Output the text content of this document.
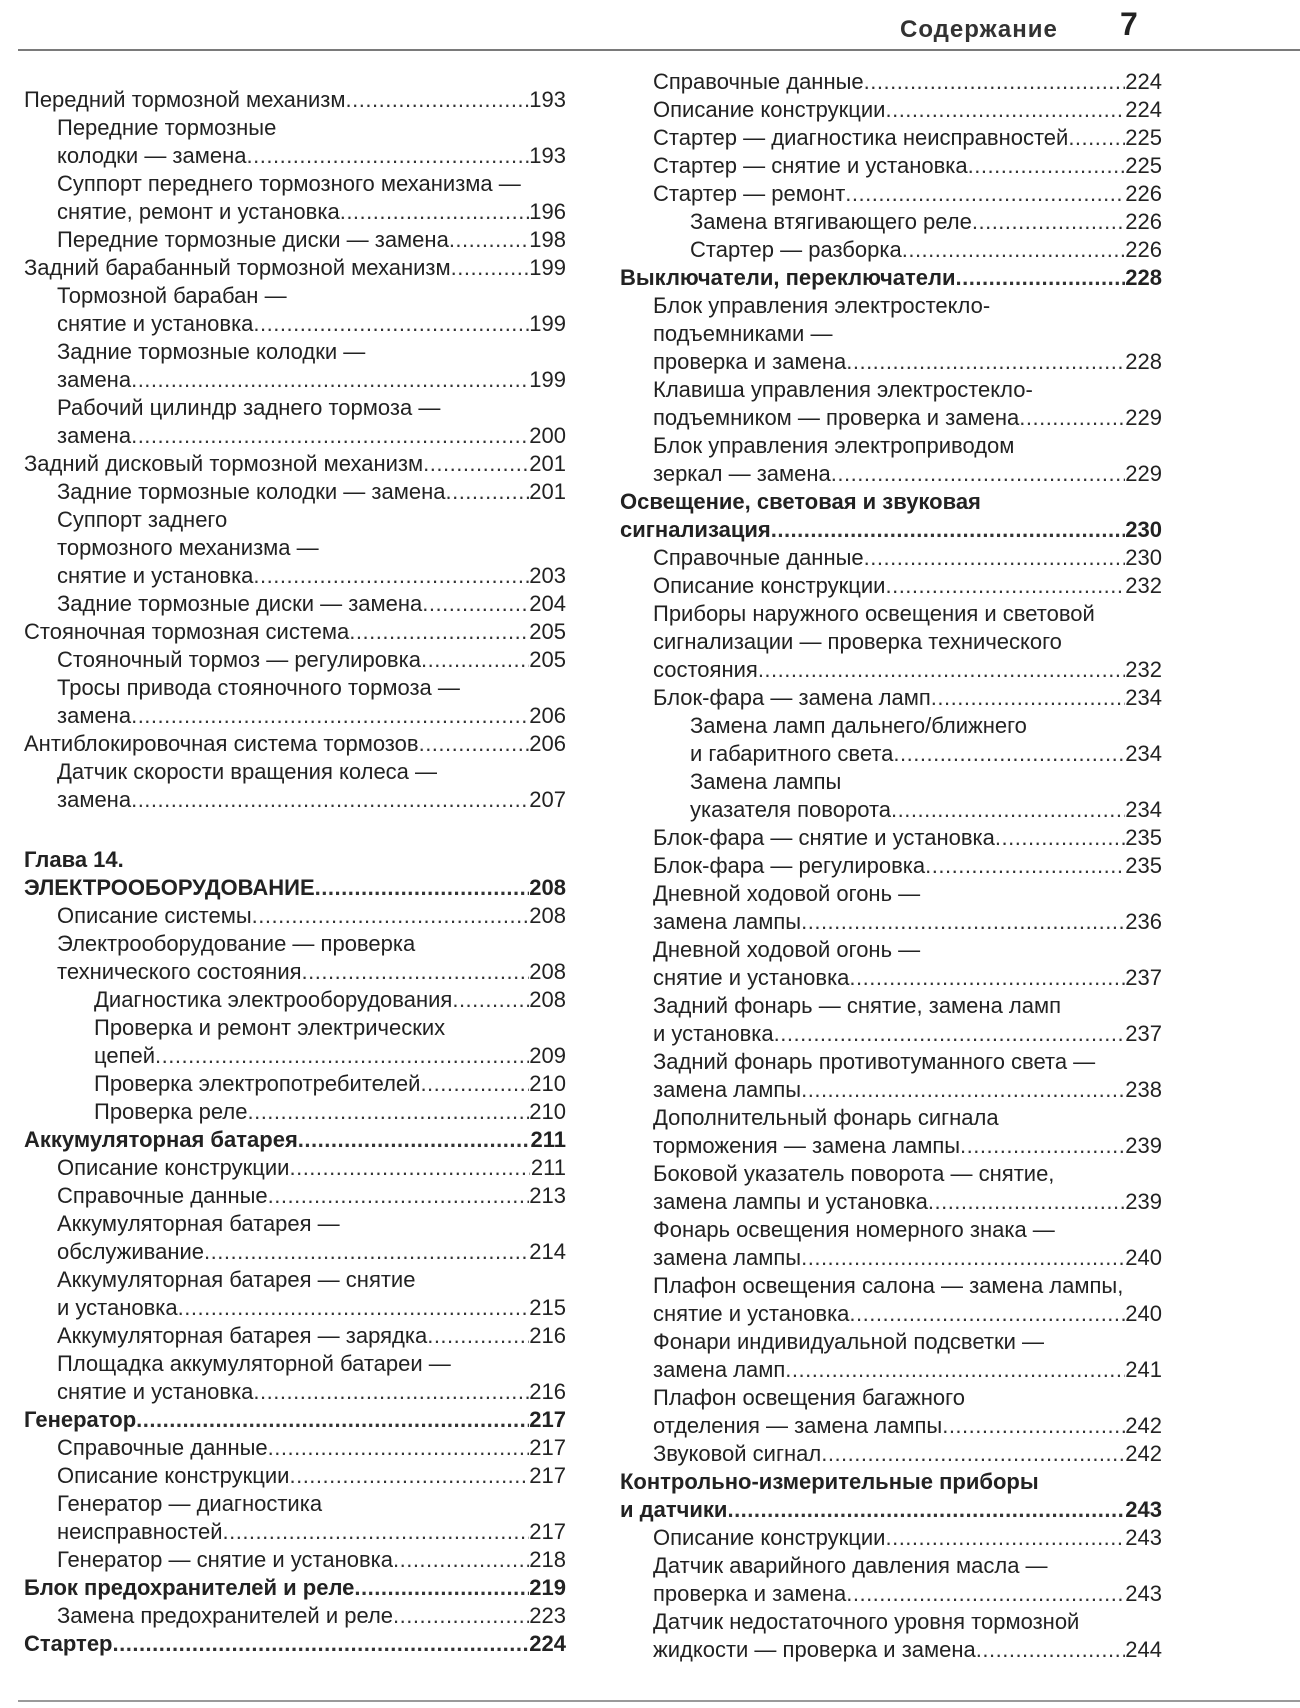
Содержание 7
Передний тормозной механизм .....	193
Передние тормозные
колодки — замена .....	193
Суппорт переднего тормозного механизма —
снятие, ремонт и установка .....	196
Передние тормозные диски — замена .....	198
Задний барабанный тормозной механизм .....	199
Тормозной барабан —
снятие и установка .....	199
Задние тормозные колодки —
замена .....	199
Рабочий цилиндр заднего тормоза —
замена .....	200
Задний дисковый тормозной механизм .....	201
Задние тормозные колодки — замена .....	201
Суппорт заднего
тормозного механизма —
снятие и установка .....	203
Задние тормозные диски — замена .....	204
Стояночная тормозная система .....	205
Стояночный тормоз — регулировка .....	205
Тросы привода стояночного тормоза —
замена .....	206
Антиблокировочная система тормозов .....	206
Датчик скорости вращения колеса —
замена .....	207
Глава 14.
ЭЛЕКТРООБОРУДОВАНИЕ .....	208
Описание системы .....	208
Электрооборудование — проверка
технического состояния .....	208
Диагностика электрооборудования .....	208
Проверка и ремонт электрических
цепей .....	209
Проверка электропотребителей .....	210
Проверка реле .....	210
Аккумуляторная батарея .....	211
Описание конструкции .....	211
Справочные данные .....	213
Аккумуляторная батарея —
обслуживание .....	214
Аккумуляторная батарея — снятие
и установка .....	215
Аккумуляторная батарея — зарядка .....	216
Площадка аккумуляторной батареи —
снятие и установка .....	216
Генератор .....	217
Справочные данные .....	217
Описание конструкции .....	217
Генератор — диагностика
неисправностей .....	217
Генератор — снятие и установка .....	218
Блок предохранителей и реле .....	219
Замена предохранителей и реле .....	223
Стартер .....	224
Справочные данные .....	224
Описание конструкции .....	224
Стартер — диагностика неисправностей .....	225
Стартер — снятие и установка .....	225
Стартер — ремонт .....	226
Замена втягивающего реле .....	226
Стартер — разборка .....	226
Выключатели, переключатели .....	228
Блок управления электростекло-
подъемниками —
проверка и замена .....	228
Клавиша управления электростекло-
подъемником — проверка и замена .....	229
Блок управления электроприводом
зеркал — замена .....	229
Освещение, световая и звуковая
сигнализация .....	230
Справочные данные .....	230
Описание конструкции .....	232
Приборы наружного освещения и световой
сигнализации — проверка технического
состояния .....	232
Блок-фара — замена ламп .....	234
Замена ламп дальнего/ближнего
и габаритного света .....	234
Замена лампы
указателя поворота .....	234
Блок-фара — снятие и установка .....	235
Блок-фара — регулировка .....	235
Дневной ходовой огонь —
замена лампы .....	236
Дневной ходовой огонь —
снятие и установка .....	237
Задний фонарь — снятие, замена ламп
и установка .....	237
Задний фонарь противотуманного света —
замена лампы .....	238
Дополнительный фонарь сигнала
торможения — замена лампы .....	239
Боковой указатель поворота — снятие,
замена лампы и установка .....	239
Фонарь освещения номерного знака —
замена лампы .....	240
Плафон освещения салона — замена лампы,
снятие и установка .....	240
Фонари индивидуальной подсветки —
замена ламп .....	241
Плафон освещения багажного
отделения — замена лампы .....	242
Звуковой сигнал .....	242
Контрольно-измерительные приборы
и датчики .....	243
Описание конструкции .....	243
Датчик аварийного давления масла —
проверка и замена .....	243
Датчик недостаточного уровня тормозной
жидкости — проверка и замена .....	244
